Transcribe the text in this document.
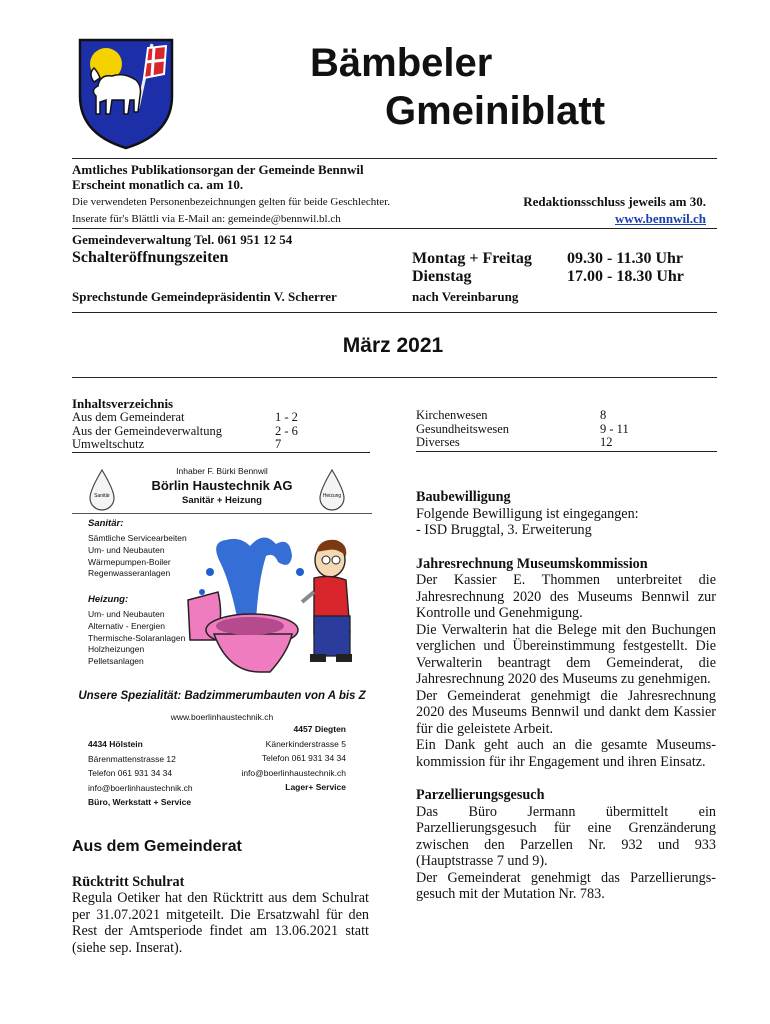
Bämbeler
Gmeiniblatt
Amtliches Publikationsorgan der Gemeinde Bennwil
Erscheint monatlich ca. am 10.
Die verwendeten Personenbezeichnungen gelten für beide Geschlechter.
Inserate für's Blättli via E-Mail an: gemeinde@bennwil.bl.ch
Redaktionsschluss jeweils am 30.
www.bennwil.ch
Gemeindeverwaltung Tel. 061 951 12 54
Schalteröffnungszeiten	Montag + Freitag 09.30 - 11.30 Uhr
Dienstag	17.00 - 18.30 Uhr
Sprechstunde Gemeindepräsidentin V. Scherrer	nach Vereinbarung
März 2021
Inhaltsverzeichnis
Aus dem Gemeinderat	1 - 2
Aus der Gemeindeverwaltung	2 - 6
Umweltschutz	7
Kirchenwesen	8
Gesundheitswesen	9 - 11
Diverses	12
Inhaber F. Bürki Bennwil
Börlin Haustechnik AG
Sanitär + Heizung
Sanitär	Heizung
Sanitär:
Sämtliche Servicearbeiten
Um- und Neubauten
Wärmepumpen-Boiler
Regenwasseranlagen
Heizung:
Um- und Neubauten
Alternativ - Energien
Thermische-Solaranlagen
Holzheizungen
Pelletsanlagen
Unsere Spezialität: Badzimmerumbauten von A bis Z
www.boerlinhaustechnik.ch
4434 Hölstein
Bärenmattenstrasse 12
Telefon 061 931 34 34
info@boerlinhaustechnik.ch
Büro, Werkstatt + Service
4457 Diegten
Känerkinderstrasse 5
Telefon 061 931 34 34
info@boerlinhaustechnik.ch
Lager+ Service
Aus dem Gemeinderat
Rücktritt Schulrat
Regula Oetiker hat den Rücktritt aus dem Schulrat per 31.07.2021 mitgeteilt. Die Ersatzwahl für den Rest der Amtsperiode findet am 13.06.2021 statt (siehe sep. Inserat).
Baubewilligung
Folgende Bewilligung ist eingegangen:
- ISD Bruggtal, 3. Erweiterung
Jahresrechnung Museumskommission
Der Kassier E. Thommen unterbreitet die Jahresrechnung 2020 des Museums Bennwil zur Kontrolle und Genehmigung.
Die Verwalterin hat die Belege mit den Buchungen verglichen und Übereinstimmung festgestellt. Die Verwalterin beantragt dem Gemeinderat, die Jahresrechnung 2020 des Museums zu genehmigen.
Der Gemeinderat genehmigt die Jahresrechnung 2020 des Museums Bennwil und dankt dem Kassier für die geleistete Arbeit.
Ein Dank geht auch an die gesamte Museums-kommission für ihr Engagement und ihren Einsatz.
Parzellierungsgesuch
Das Büro Jermann übermittelt ein Parzellierungsgesuch für eine Grenzänderung zwischen den Parzellen Nr. 932 und 933 (Hauptstrasse 7 und 9).
Der Gemeinderat genehmigt das Parzellierungs-gesuch mit der Mutation Nr. 783.
